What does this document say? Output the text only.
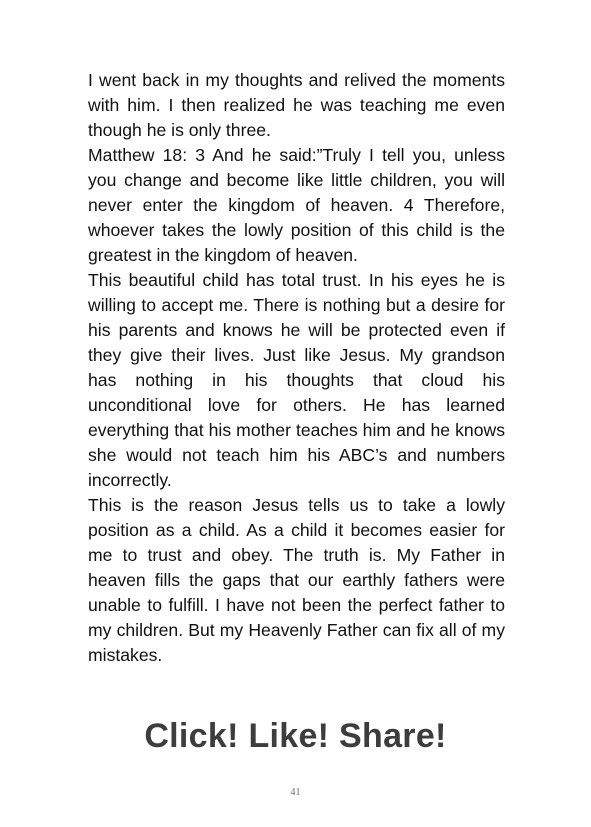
I went back in my thoughts and relived the moments with him. I then realized he was teaching me even though he is only three.

Matthew 18: 3 And he said:”Truly I tell you, unless you change and become like little children, you will never enter the kingdom of heaven. 4 Therefore, whoever takes the lowly position of this child is the greatest in the kingdom of heaven.

This beautiful child has total trust. In his eyes he is willing to accept me. There is nothing but a desire for his parents and knows he will be protected even if they give their lives. Just like Jesus. My grandson has nothing in his thoughts that cloud his unconditional love for others. He has learned everything that his mother teaches him and he knows she would not teach him his ABC’s and numbers incorrectly.

This is the reason Jesus tells us to take a lowly position as a child. As a child it becomes easier for me to trust and obey. The truth is. My Father in heaven fills the gaps that our earthly fathers were unable to fulfill. I have not been the perfect father to my children. But my Heavenly Father can fix all of my mistakes.

Click! Like! Share!
41
